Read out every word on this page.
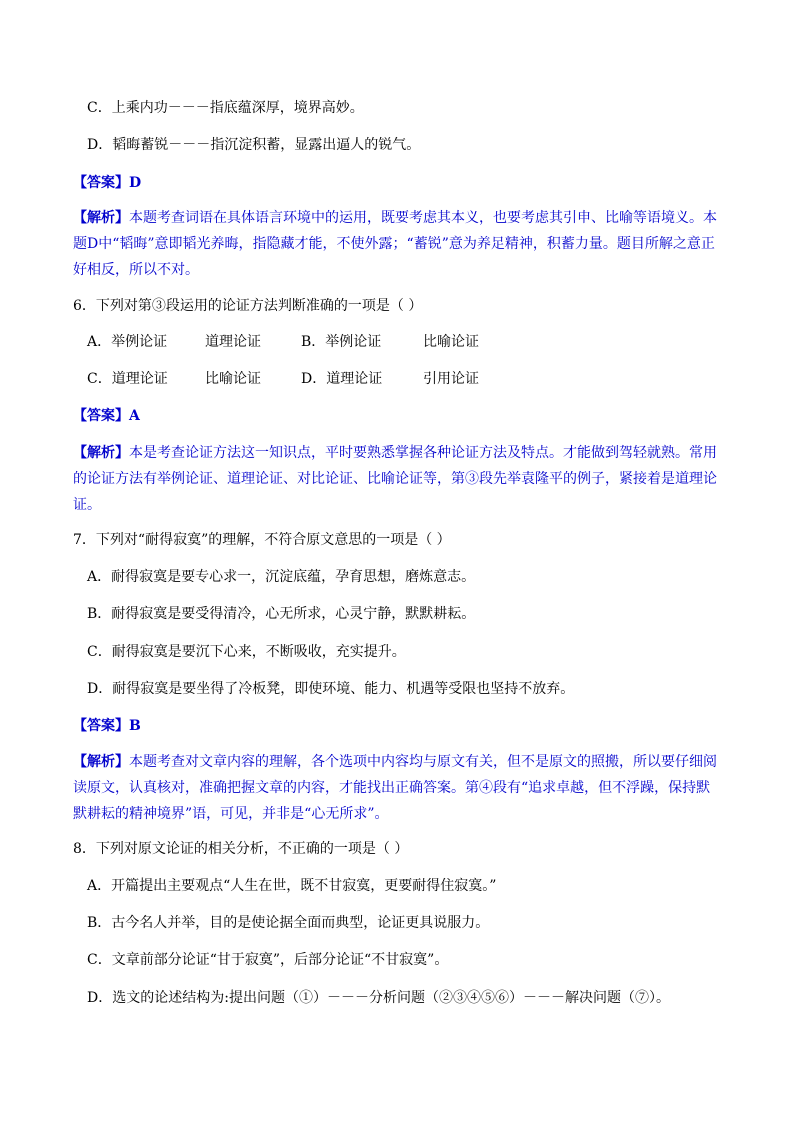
C．上乘内功－－－指底蕴深厚，境界高妙。
D．韬晦蓄锐－－－指沉淀积蓄，显露出逼人的锐气。
【答案】D
【解析】本题考查词语在具体语言环境中的运用，既要考虑其本义，也要考虑其引申、比喻等语境义。本题D中“韬晦”意即韬光养晦，指隐藏才能，不使外露；“蓄锐”意为养足精神，积蓄力量。题目所解之意正好相反，所以不对。
6．下列对第③段运用的论证方法判断准确的一项是（ ）
A．举例论证	道理论证	B．举例论证	比喻论证
C．道理论证	比喻论证	D．道理论证	引用论证
【答案】A
【解析】本是考查论证方法这一知识点，平时要熟悉掌握各种论证方法及特点。才能做到驾轻就熟。常用的论证方法有举例论证、道理论证、对比论证、比喻论证等，第③段先举袁隆平的例子，紧接着是道理论证。
7．下列对“耐得寂寞”的理解，不符合原文意思的一项是（ ）
A．耐得寂寞是要专心求一，沉淀底蕴，孕育思想，磨炼意志。
B．耐得寂寞是要受得清冷，心无所求，心灵宁静，默默耕耘。
C．耐得寂寞是要沉下心来，不断吸收，充实提升。
D．耐得寂寞是要坐得了冷板凳，即使环境、能力、机遇等受限也坚持不放弃。
【答案】B
【解析】本题考查对文章内容的理解，各个选项中内容均与原文有关，但不是原文的照搬，所以要仔细阅读原文，认真核对，准确把握文章的内容，才能找出正确答案。第④段有“追求卓越，但不浮躁，保持默默耕耘的精神境界”语，可见，并非是“心无所求”。
8．下列对原文论证的相关分析，不正确的一项是（ ）
A．开篇提出主要观点“人生在世，既不甘寂寞，更要耐得住寂寞。”
B．古今名人并举，目的是使论据全面而典型，论证更具说服力。
C．文章前部分论证“甘于寂寞”，后部分论证“不甘寂寞”。
D．选文的论述结构为:提出问题（①）－－－分析问题（②③④⑤⑥）－－－解决问题（⑦）。
